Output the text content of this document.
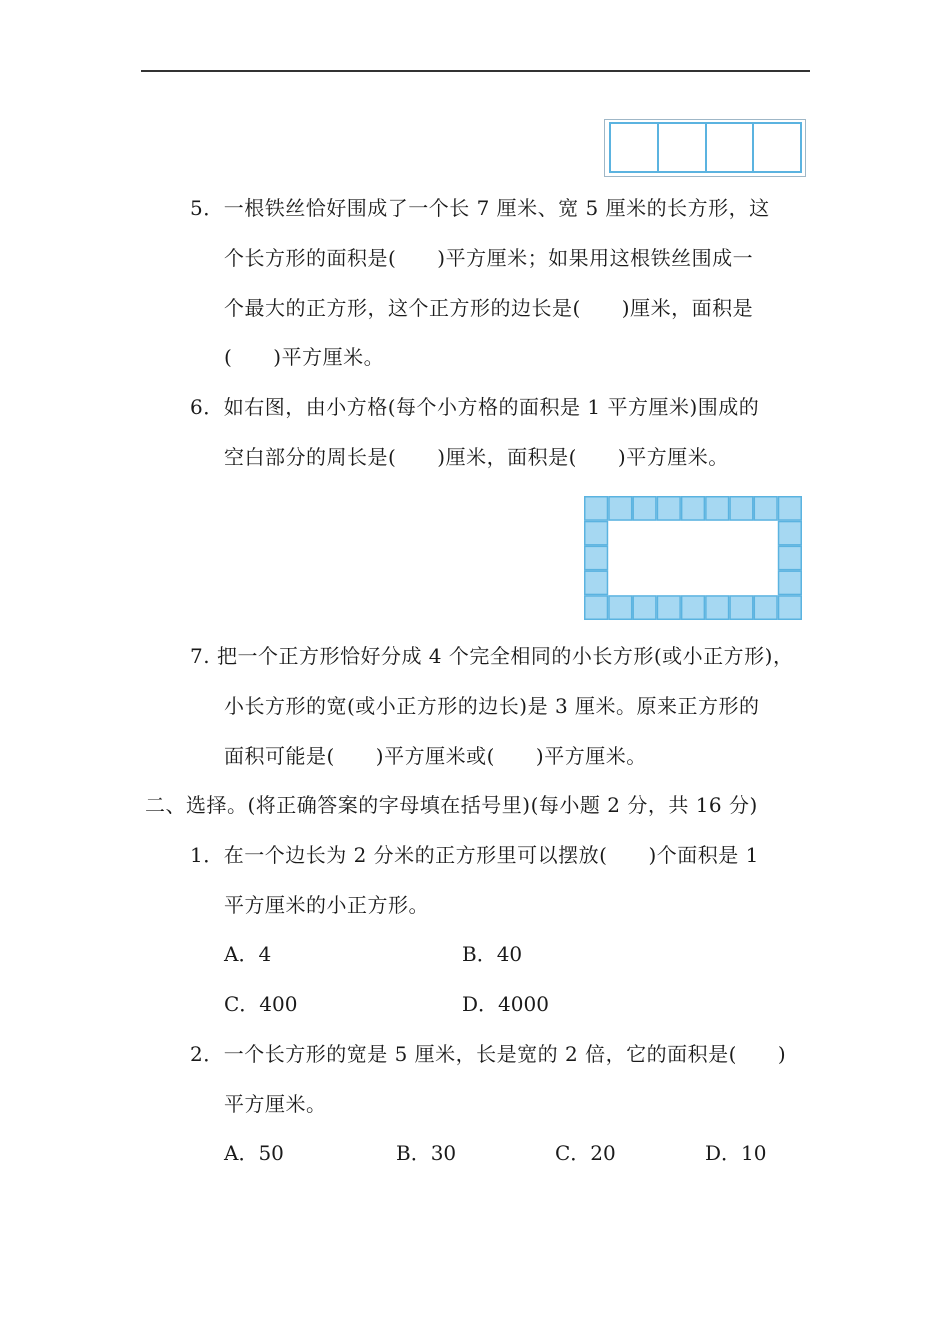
5．一根铁丝恰好围成了一个长 7 厘米、宽 5 厘米的长方形，这
个长方形的面积是(　　)平方厘米；如果用这根铁丝围成一
个最大的正方形，这个正方形的边长是(　　)厘米，面积是
(　　)平方厘米。
6．如右图，由小方格(每个小方格的面积是 1 平方厘米)围成的
空白部分的周长是(　　)厘米，面积是(　　)平方厘米。
7. 把一个正方形恰好分成 4 个完全相同的小长方形(或小正方形)，
小长方形的宽(或小正方形的边长)是 3 厘米。原来正方形的
面积可能是(　　)平方厘米或(　　)平方厘米。
二、选择。(将正确答案的字母填在括号里)(每小题 2 分，共 16 分)
1．在一个边长为 2 分米的正方形里可以摆放(　　)个面积是 1
平方厘米的小正方形。
A．4	B．40
C．400	D．4000
2．一个长方形的宽是 5 厘米，长是宽的 2 倍，它的面积是(　　)
平方厘米。
A．50	B．30	C．20	D．10
